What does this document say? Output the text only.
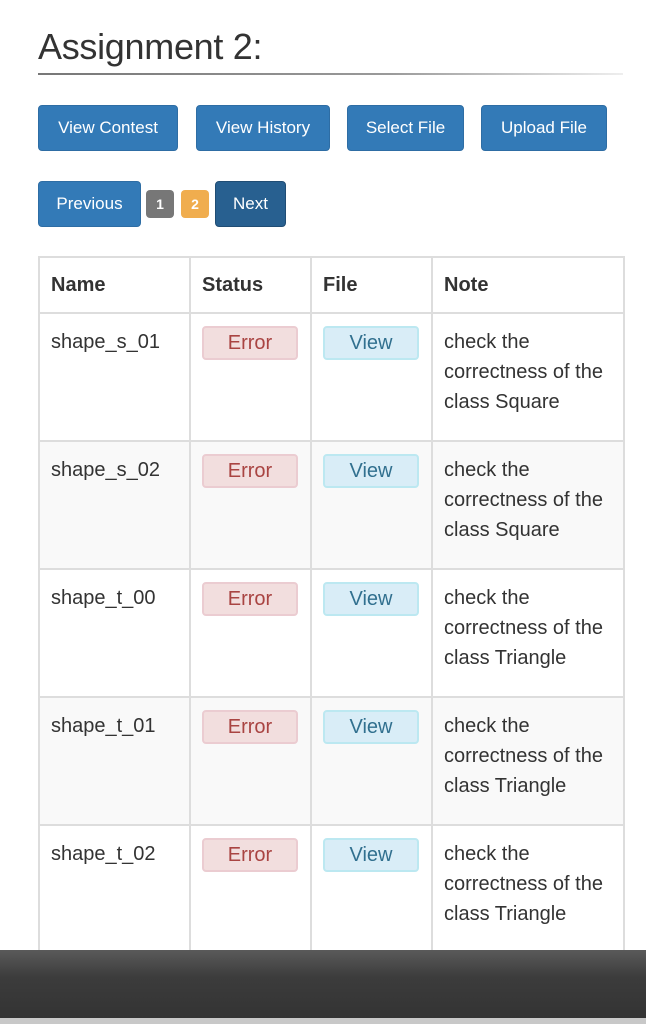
Assignment 2:
View Contest	View History	Select File	Upload File
Previous	1	2	Next
Name	Status	File	Note
shape_s_01	Error	View	check the correctness of the class Square

shape_s_02	Error	View	check the correctness of the class Square

shape_t_00	Error	View	check the correctness of the class Triangle

shape_t_01	Error	View	check the correctness of the class Triangle

shape_t_02	Error	View	check the correctness of the class Triangle
